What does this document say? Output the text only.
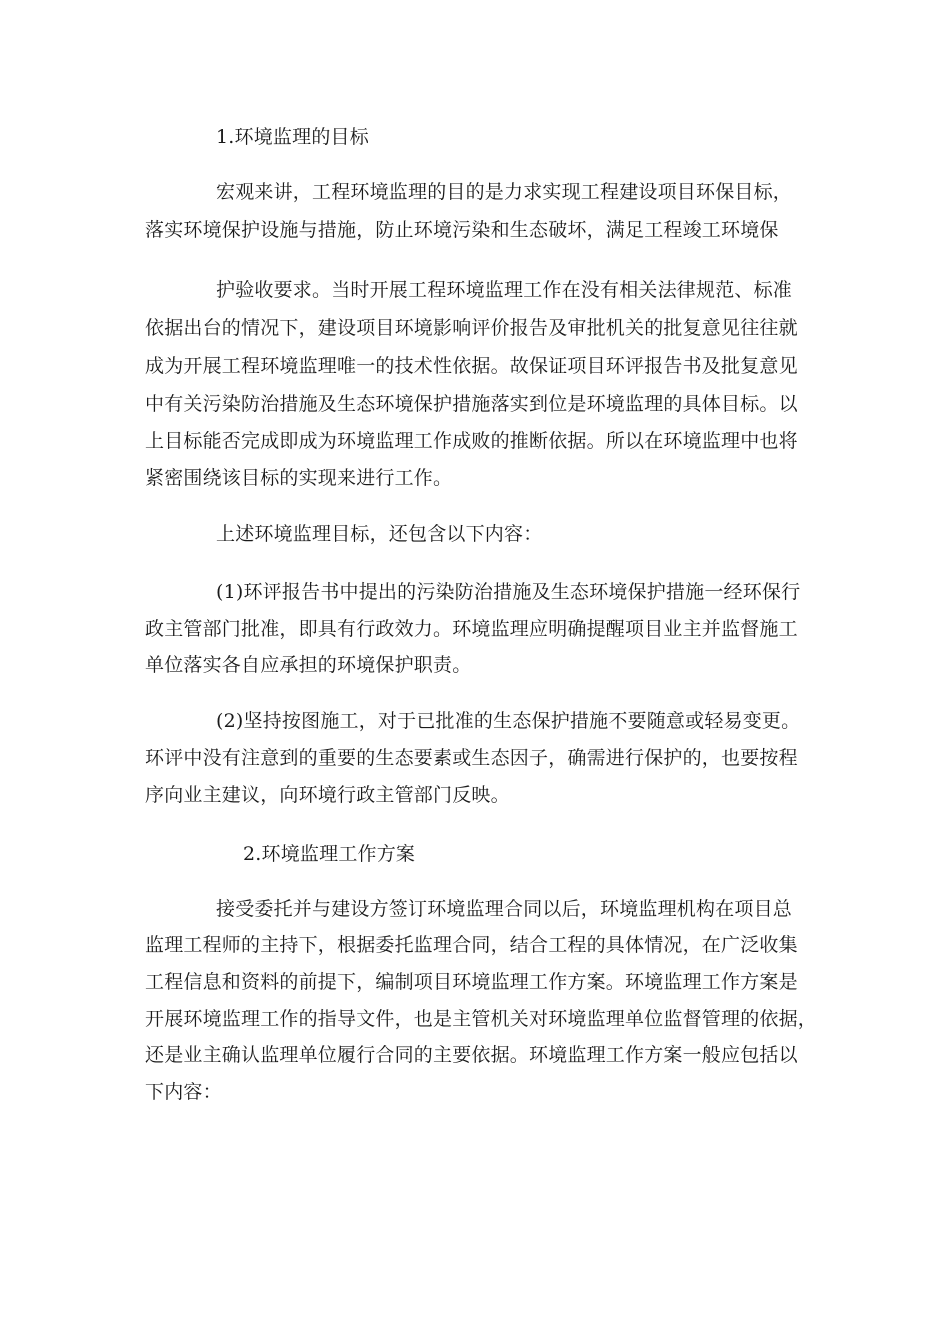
1.环境监理的目标
宏观来讲，工程环境监理的目的是力求实现工程建设项目环保目标，
落实环境保护设施与措施，防止环境污染和生态破坏，满足工程竣工环境保
护验收要求。当时开展工程环境监理工作在没有相关法律规范、标准
依据出台的情况下，建设项目环境影响评价报告及审批机关的批复意见往往就
成为开展工程环境监理唯一的技术性依据。故保证项目环评报告书及批复意见
中有关污染防治措施及生态环境保护措施落实到位是环境监理的具体目标。以
上目标能否完成即成为环境监理工作成败的推断依据。所以在环境监理中也将
紧密围绕该目标的实现来进行工作。
上述环境监理目标，还包含以下内容：
(1)环评报告书中提出的污染防治措施及生态环境保护措施一经环保行
政主管部门批准，即具有行政效力。环境监理应明确提醒项目业主并监督施工
单位落实各自应承担的环境保护职责。
(2)坚持按图施工，对于已批准的生态保护措施不要随意或轻易变更。
环评中没有注意到的重要的生态要素或生态因子，确需进行保护的，也要按程
序向业主建议，向环境行政主管部门反映。
2.环境监理工作方案
接受委托并与建设方签订环境监理合同以后，环境监理机构在项目总
监理工程师的主持下，根据委托监理合同，结合工程的具体情况，在广泛收集
工程信息和资料的前提下，编制项目环境监理工作方案。环境监理工作方案是
开展环境监理工作的指导文件，也是主管机关对环境监理单位监督管理的依据，
还是业主确认监理单位履行合同的主要依据。环境监理工作方案一般应包括以
下内容：
